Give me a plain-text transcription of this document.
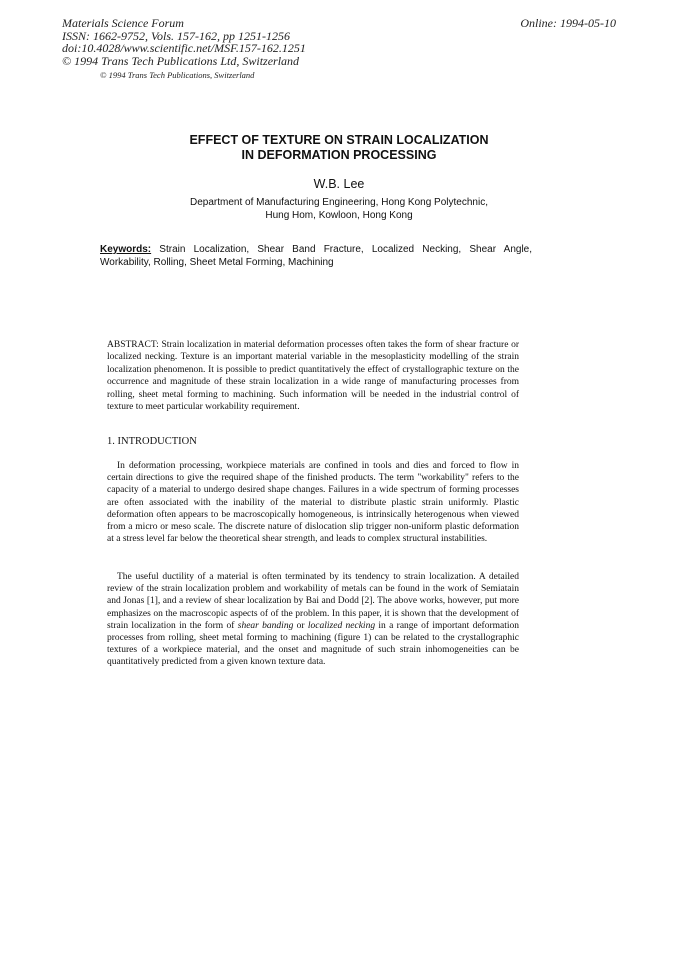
Materials Science Forum
ISSN: 1662-9752, Vols. 157-162, pp 1251-1256
doi:10.4028/www.scientific.net/MSF.157-162.1251
© 1994 Trans Tech Publications Ltd, Switzerland
Online: 1994-05-10
© 1994 Trans Tech Publications, Switzerland
EFFECT OF TEXTURE ON STRAIN LOCALIZATION
IN DEFORMATION PROCESSING
W.B. Lee
Department of Manufacturing Engineering, Hong Kong Polytechnic,
Hung Hom, Kowloon, Hong Kong
Keywords: Strain Localization, Shear Band Fracture, Localized Necking, Shear Angle, Workability, Rolling, Sheet Metal Forming, Machining
ABSTRACT: Strain localization in material deformation processes often takes the form of shear fracture or localized necking. Texture is an important material variable in the mesoplasticity modelling of the strain localization phenomenon. It is possible to predict quantitatively the effect of crystallographic texture on the occurrence and magnitude of these strain localization in a wide range of manufacturing processes from rolling, sheet metal forming to machining. Such information will be needed in the industrial control of texture to meet particular workability requirement.
1. INTRODUCTION
In deformation processing, workpiece materials are confined in tools and dies and forced to flow in certain directions to give the required shape of the finished products. The term "workability" refers to the capacity of a material to undergo desired shape changes. Failures in a wide spectrum of forming processes are often associated with the inability of the material to distribute plastic strain uniformly. Plastic deformation often appears to be macroscopically homogeneous, is intrinsically heterogenous when viewed from a micro or meso scale. The discrete nature of dislocation slip trigger non-uniform plastic deformation at a stress level far below the theoretical shear strength, and leads to complex structural instabilities.
The useful ductility of a material is often terminated by its tendency to strain localization. A detailed review of the strain localization problem and workability of metals can be found in the work of Semiatain and Jonas [1], and a review of shear localization by Bai and Dodd [2]. The above works, however, put more emphasizes on the macroscopic aspects of of the problem. In this paper, it is shown that the development of strain localization in the form of shear banding or localized necking in a range of important deformation processes from rolling, sheet metal forming to machining (figure 1) can be related to the crystallographic textures of a workpiece material, and the onset and magnitude of such strain inhomogeneities can be quantitatively predicted from a given known texture data.
